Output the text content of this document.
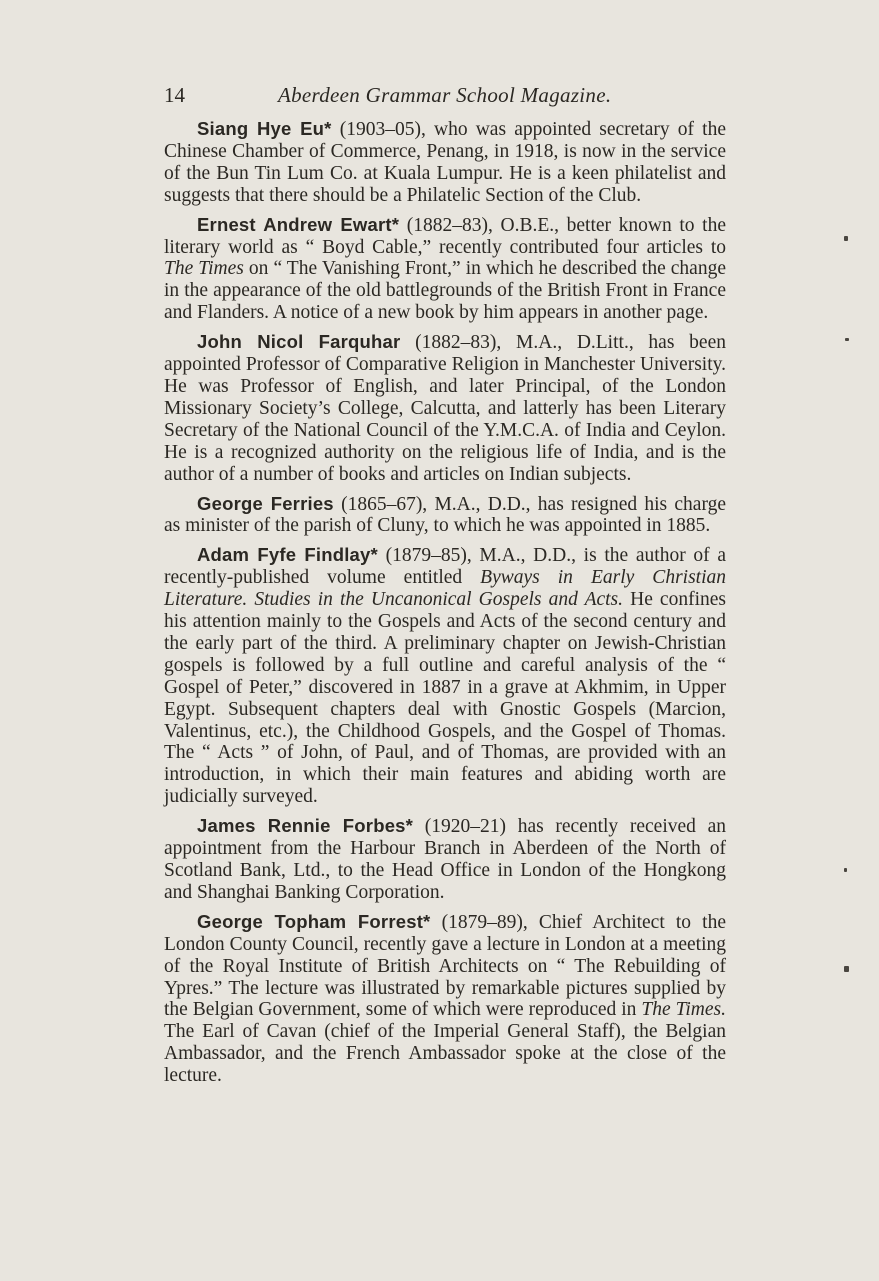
14	Aberdeen Grammar School Magazine.

Siang Hye Eu* (1903–05), who was appointed secretary of the Chinese Chamber of Commerce, Penang, in 1918, is now in the service of the Bun Tin Lum Co. at Kuala Lumpur. He is a keen philatelist and suggests that there should be a Philatelic Section of the Club.

Ernest Andrew Ewart* (1882–83), O.B.E., better known to the literary world as “ Boyd Cable,” recently contributed four articles to The Times on “ The Vanishing Front,” in which he described the change in the appearance of the old battlegrounds of the British Front in France and Flanders. A notice of a new book by him appears in another page.

John Nicol Farquhar (1882–83), M.A., D.Litt., has been appointed Professor of Comparative Religion in Manchester University. He was Professor of English, and later Principal, of the London Missionary Society’s College, Calcutta, and latterly has been Literary Secretary of the National Council of the Y.M.C.A. of India and Ceylon. He is a recognized authority on the religious life of India, and is the author of a number of books and articles on Indian subjects.

George Ferries (1865–67), M.A., D.D., has resigned his charge as minister of the parish of Cluny, to which he was appointed in 1885.

Adam Fyfe Findlay* (1879–85), M.A., D.D., is the author of a recently-published volume entitled Byways in Early Christian Literature. Studies in the Uncanonical Gospels and Acts. He confines his attention mainly to the Gospels and Acts of the second century and the early part of the third. A preliminary chapter on Jewish-Christian gospels is followed by a full outline and careful analysis of the “ Gospel of Peter,” discovered in 1887 in a grave at Akhmim, in Upper Egypt. Subsequent chapters deal with Gnostic Gospels (Marcion, Valentinus, etc.), the Childhood Gospels, and the Gospel of Thomas. The “ Acts ” of John, of Paul, and of Thomas, are provided with an introduction, in which their main features and abiding worth are judicially surveyed.

James Rennie Forbes* (1920–21) has recently received an appointment from the Harbour Branch in Aberdeen of the North of Scotland Bank, Ltd., to the Head Office in London of the Hongkong and Shanghai Banking Corporation.

George Topham Forrest* (1879–89), Chief Architect to the London County Council, recently gave a lecture in London at a meeting of the Royal Institute of British Architects on “ The Rebuilding of Ypres.” The lecture was illustrated by remarkable pictures supplied by the Belgian Government, some of which were reproduced in The Times. The Earl of Cavan (chief of the Imperial General Staff), the Belgian Ambassador, and the French Ambassador spoke at the close of the lecture.
